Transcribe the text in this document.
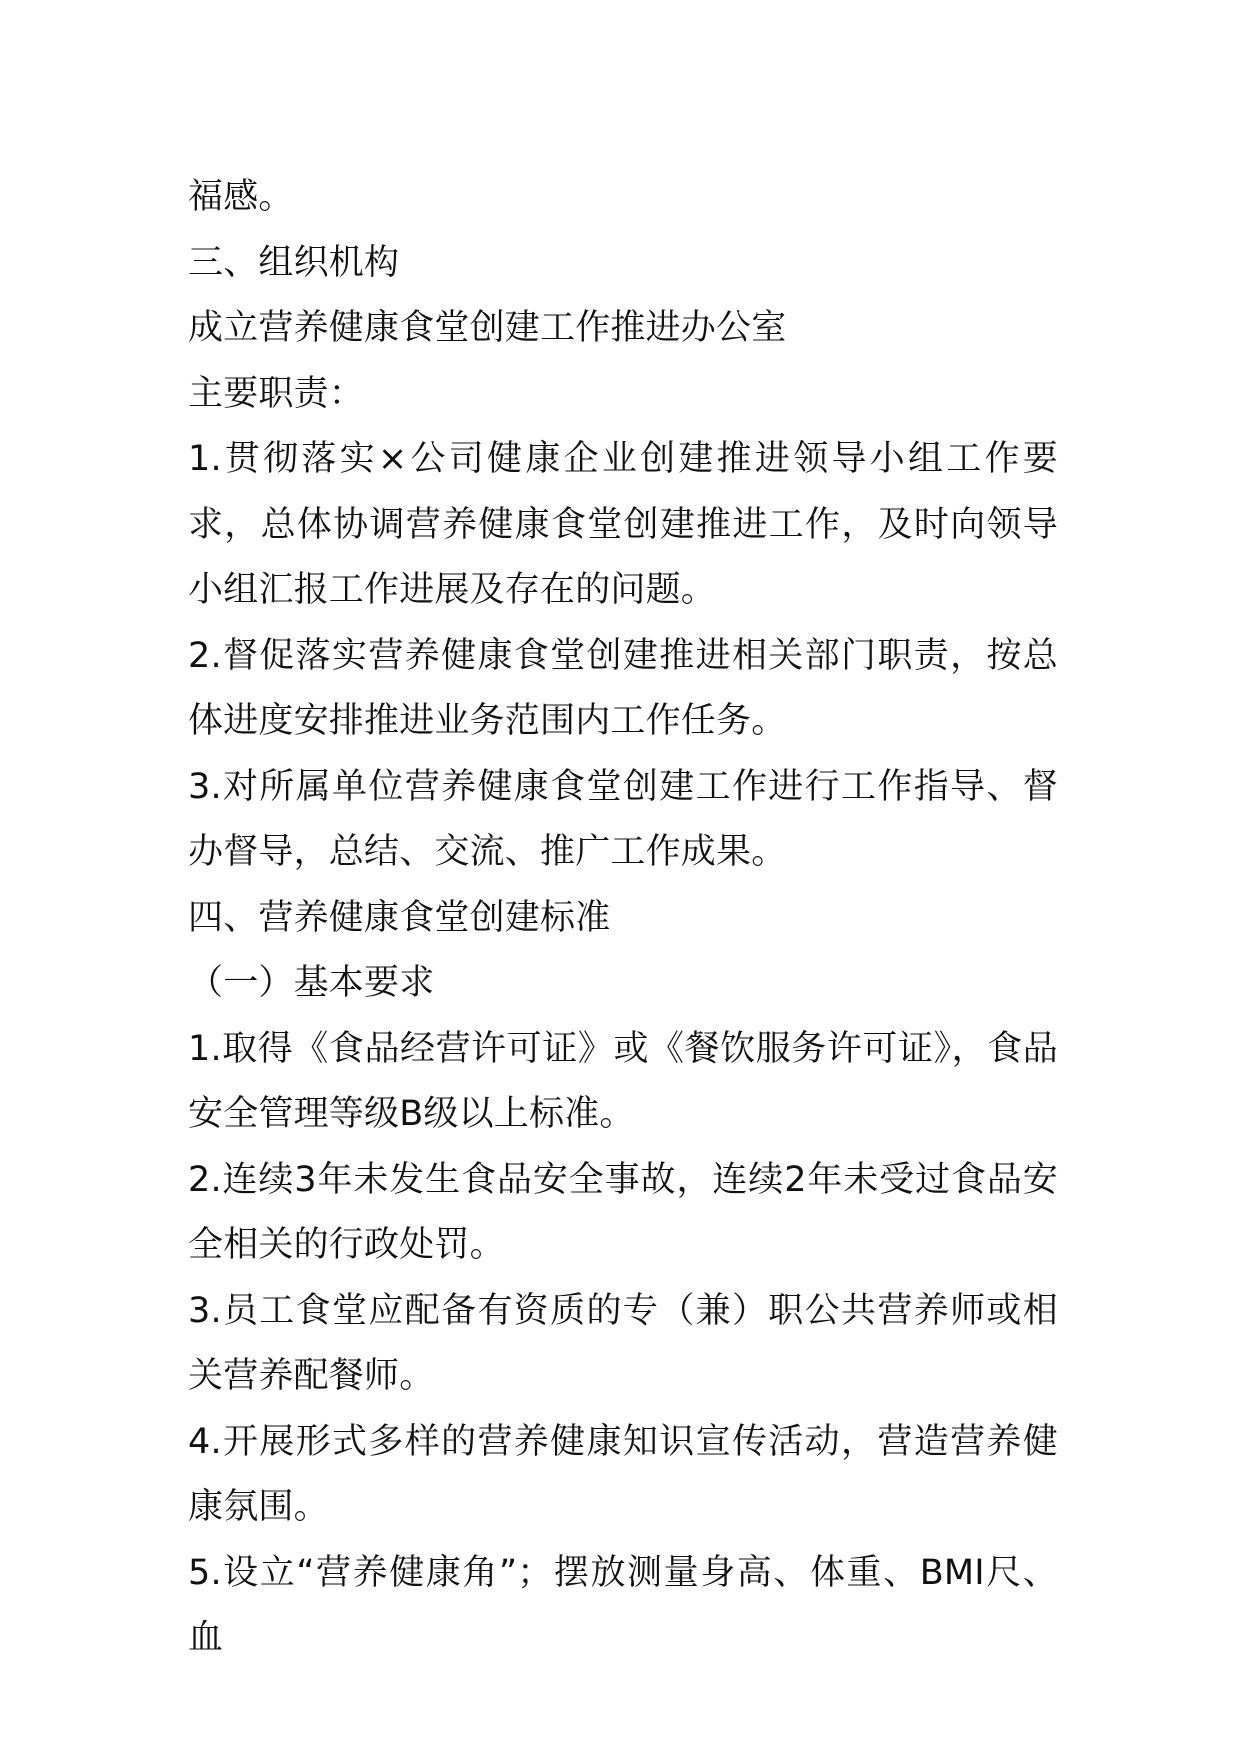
福感。

三、组织机构

成立营养健康食堂创建工作推进办公室

主要职责：

1.贯彻落实×公司健康企业创建推进领导小组工作要求，总体协调营养健康食堂创建推进工作，及时向领导小组汇报工作进展及存在的问题。

2.督促落实营养健康食堂创建推进相关部门职责，按总体进度安排推进业务范围内工作任务。

3.对所属单位营养健康食堂创建工作进行工作指导、督办督导，总结、交流、推广工作成果。

四、营养健康食堂创建标准

（一）基本要求

1.取得《食品经营许可证》或《餐饮服务许可证》，食品安全管理等级B级以上标准。

2.连续3年未发生食品安全事故，连续2年未受过食品安全相关的行政处罚。

3.员工食堂应配备有资质的专（兼）职公共营养师或相关营养配餐师。

4.开展形式多样的营养健康知识宣传活动，营造营养健康氛围。

5.设立“营养健康角”；摆放测量身高、体重、BMI尺、血
